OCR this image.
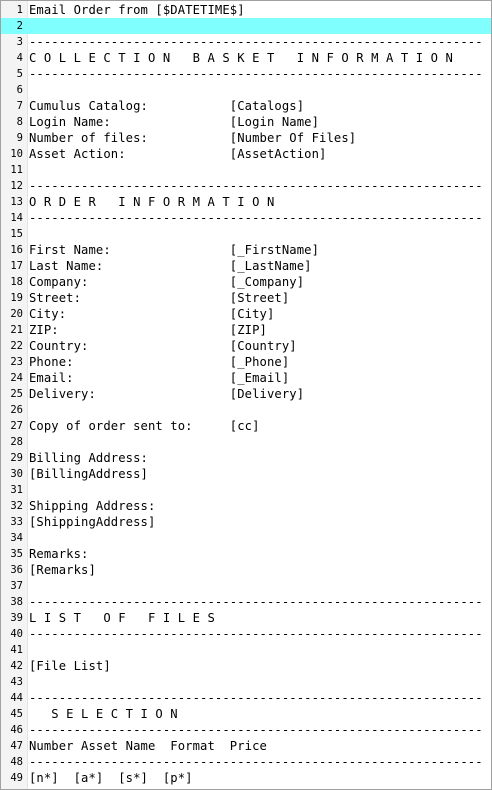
1 Email Order from [$DATETIME$]
2
3 -------------------------------------------------------------
4 C O L L E C T I O N   B A S K E T   I N F O R M A T I O N
5 -------------------------------------------------------------
6
7 Cumulus Catalog:           [Catalogs]
8 Login Name:                [Login Name]
9 Number of files:           [Number Of Files]
10 Asset Action:              [AssetAction]
11
12 -------------------------------------------------------------
13 O R D E R   I N F O R M A T I O N
14 -------------------------------------------------------------
15
16 First Name:                [_FirstName]
17 Last Name:                 [_LastName]
18 Company:                   [_Company]
19 Street:                    [Street]
20 City:                      [City]
21 ZIP:                       [ZIP]
22 Country:                   [Country]
23 Phone:                     [_Phone]
24 Email:                     [_Email]
25 Delivery:                  [Delivery]
26
27 Copy of order sent to:     [cc]
28
29 Billing Address:
30 [BillingAddress]
31
32 Shipping Address:
33 [ShippingAddress]
34
35 Remarks:
36 [Remarks]
37
38 -------------------------------------------------------------
39 L I S T   O F   F I L E S
40 -------------------------------------------------------------
41
42 [File List]
43
44 -------------------------------------------------------------
45 S E L E C T I O N
46 -------------------------------------------------------------
47 Number Asset Name  Format  Price
48 -------------------------------------------------------------
49 [n*]  [a*]  [s*]  [p*]
